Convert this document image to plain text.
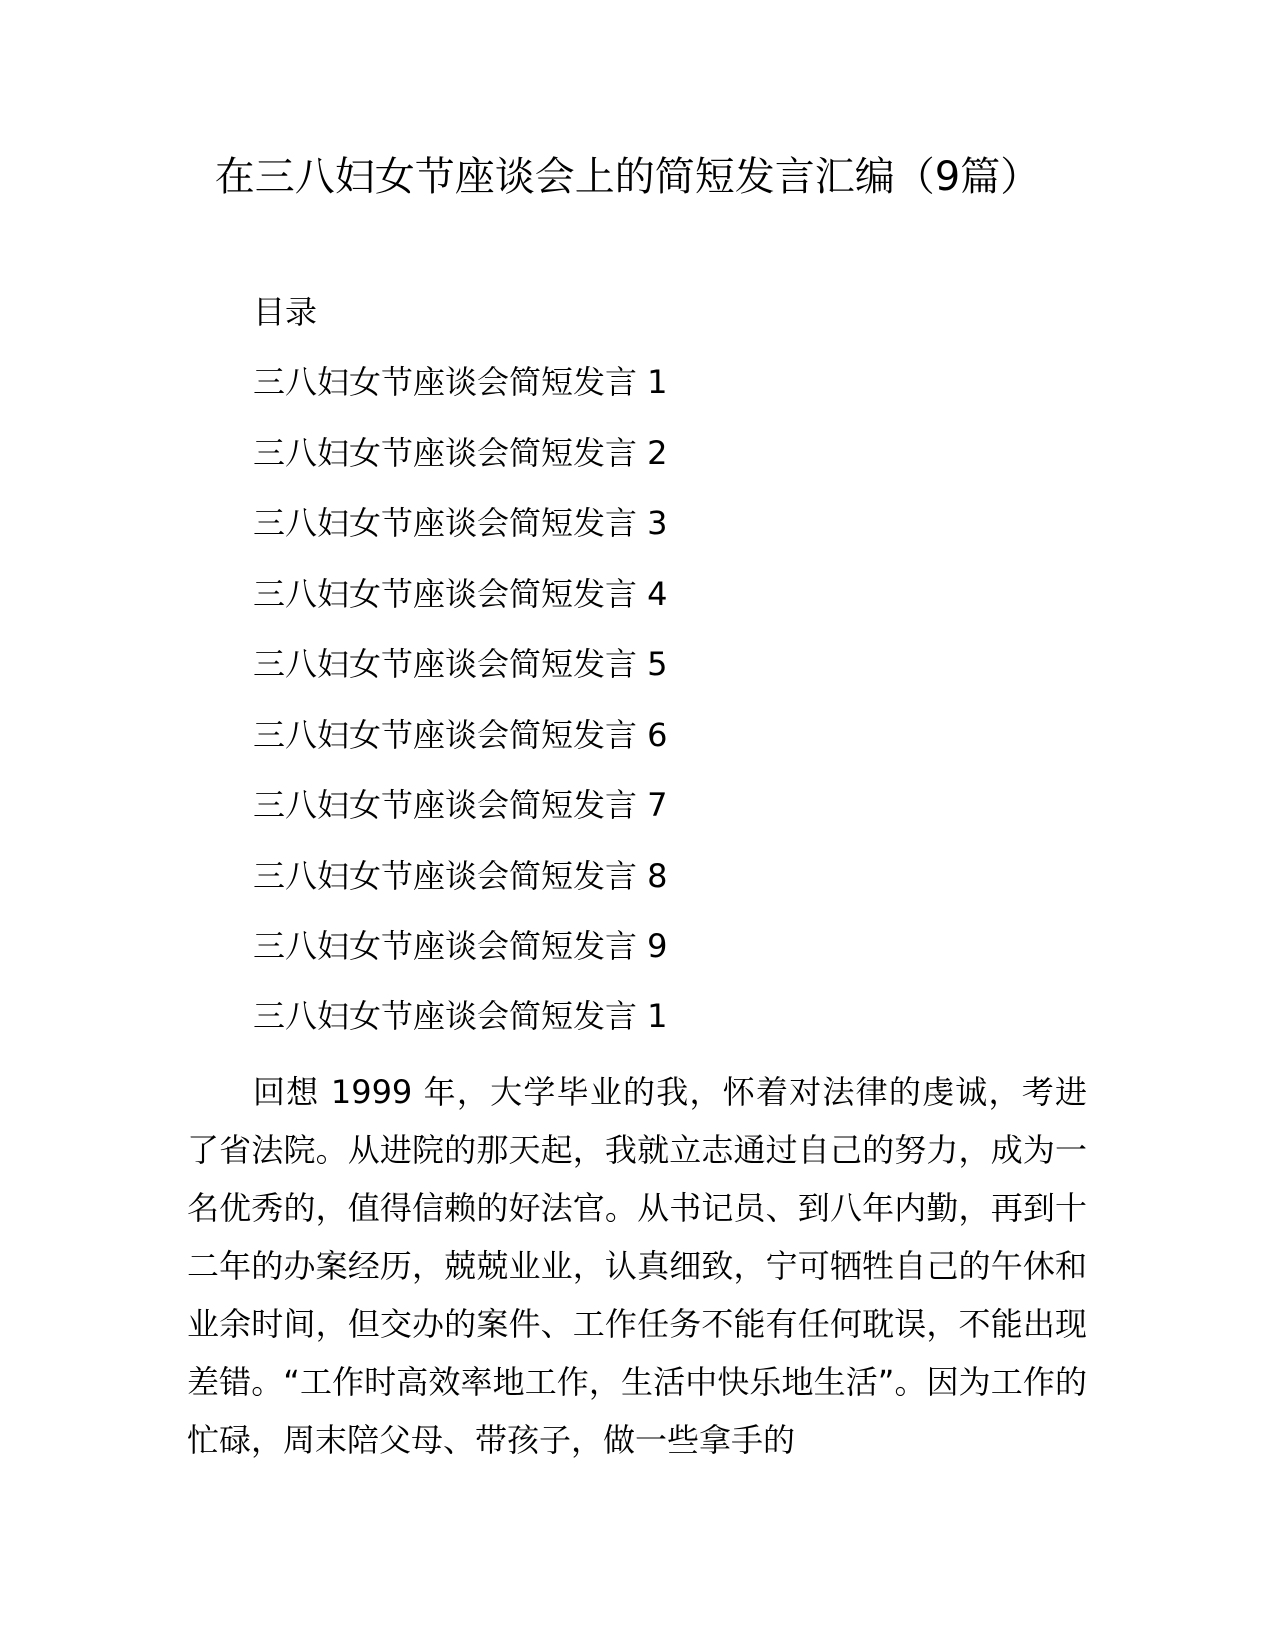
在三八妇女节座谈会上的简短发言汇编（9篇）
目录
三八妇女节座谈会简短发言 1
三八妇女节座谈会简短发言 2
三八妇女节座谈会简短发言 3
三八妇女节座谈会简短发言 4
三八妇女节座谈会简短发言 5
三八妇女节座谈会简短发言 6
三八妇女节座谈会简短发言 7
三八妇女节座谈会简短发言 8
三八妇女节座谈会简短发言 9
三八妇女节座谈会简短发言 1

回想 1999 年，大学毕业的我，怀着对法律的虔诚，考进了省法院。从进院的那天起，我就立志通过自己的努力，成为一名优秀的，值得信赖的好法官。从书记员、到八年内勤，再到十二年的办案经历，兢兢业业，认真细致，宁可牺牲自己的午休和业余时间，但交办的案件、工作任务不能有任何耽误，不能出现差错。“工作时高效率地工作，生活中快乐地生活”。因为工作的忙碌，周末陪父母、带孩子，做一些拿手的
